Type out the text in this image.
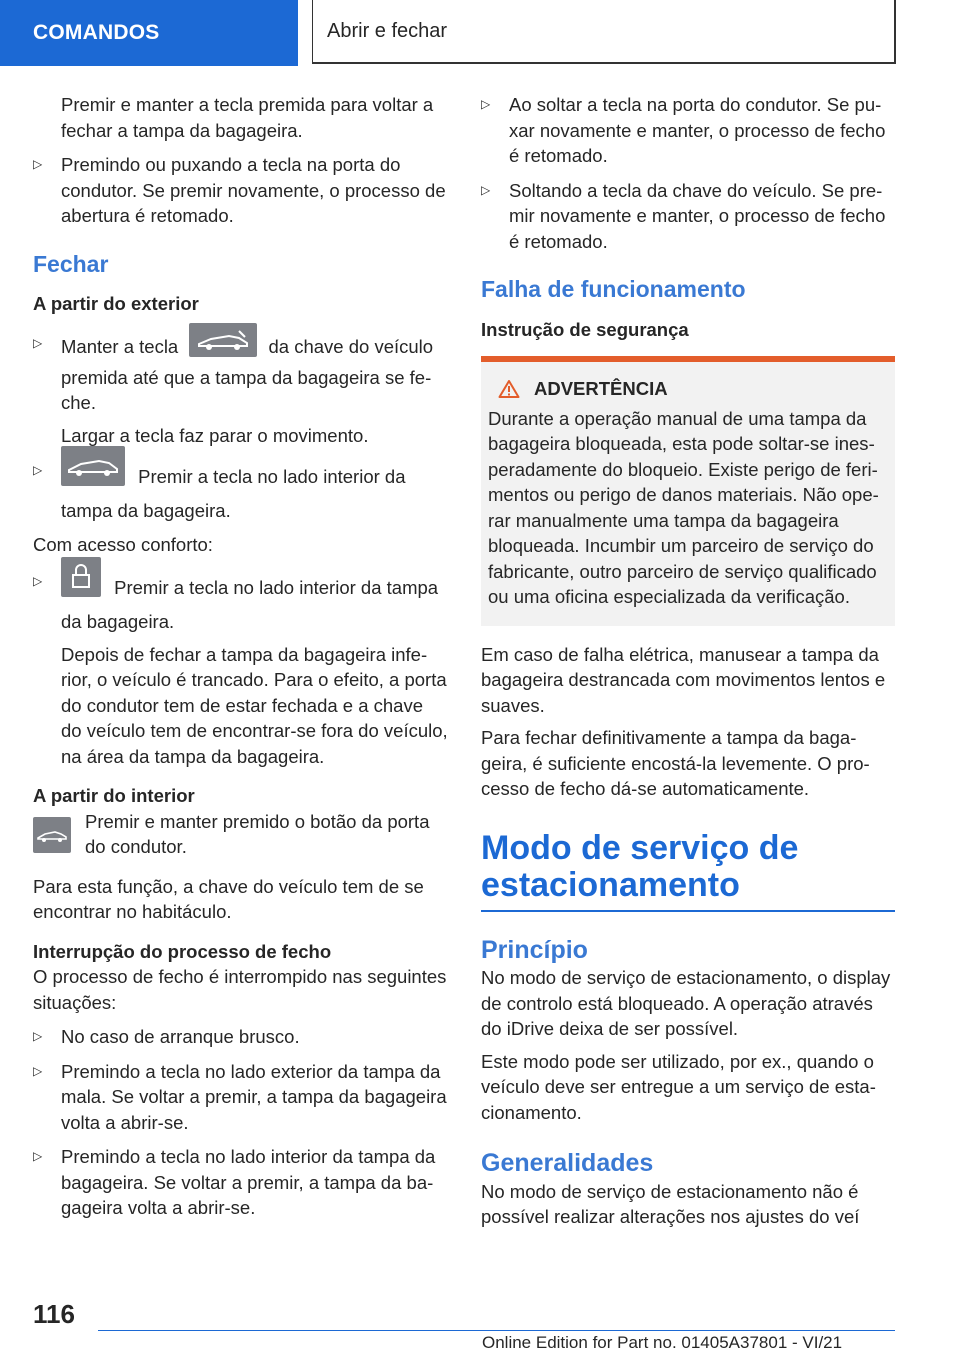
COMANDOS	Abrir e fechar

Premir e manter a tecla premida para voltar a fechar a tampa da bagageira.

▷ Premindo ou puxando a tecla na porta do condutor. Se premir novamente, o processo de abertura é retomado.

Fechar

A partir do exterior

▷ Manter a tecla	da chave do veículo premida até que a tampa da bagageira se feche.

Largar a tecla faz parar o movimento.

▷	Premir a tecla no lado interior da tampa da bagageira.

Com acesso conforto:

▷	Premir a tecla no lado interior da tampa da bagageira.

Depois de fechar a tampa da bagageira inferior, o veículo é trancado. Para o efeito, a porta do condutor tem de estar fechada e a chave do veículo tem de encontrar-se fora do veículo, na área da tampa da bagageira.

A partir do interior

Premir e manter premido o botão da porta do condutor.

Para esta função, a chave do veículo tem de se encontrar no habitáculo.

Interrupção do processo de fecho

O processo de fecho é interrompido nas seguintes situações:

▷ No caso de arranque brusco.
▷ Premindo a tecla no lado exterior da tampa da mala. Se voltar a premir, a tampa da bagageira volta a abrir-se.
▷ Premindo a tecla no lado interior da tampa da bagageira. Se voltar a premir, a tampa da bagageira volta a abrir-se.
▷ Ao soltar a tecla na porta do condutor. Se puxar novamente e manter, o processo de fecho é retomado.
▷ Soltando a tecla da chave do veículo. Se premir novamente e manter, o processo de fecho é retomado.

Falha de funcionamento

Instrução de segurança

ADVERTÊNCIA

Durante a operação manual de uma tampa da bagageira bloqueada, esta pode soltar-se inesperadamente do bloqueio. Existe perigo de ferimentos ou perigo de danos materiais. Não operar manualmente uma tampa da bagageira bloqueada. Incumbir um parceiro de serviço do fabricante, outro parceiro de serviço qualificado ou uma oficina especializada da verificação.

Em caso de falha elétrica, manusear a tampa da bagageira destrancada com movimentos lentos e suaves.

Para fechar definitivamente a tampa da bagageira, é suficiente encostá-la levemente. O processo de fecho dá-se automaticamente.

Modo de serviço de estacionamento

Princípio

No modo de serviço de estacionamento, o display de controlo está bloqueado. A operação através do iDrive deixa de ser possível.

Este modo pode ser utilizado, por ex., quando o veículo deve ser entregue a um serviço de estacionamento.

Generalidades

No modo de serviço de estacionamento não é possível realizar alterações nos ajustes do veí

116
Online Edition for Part no. 01405A37801 - VI/21
